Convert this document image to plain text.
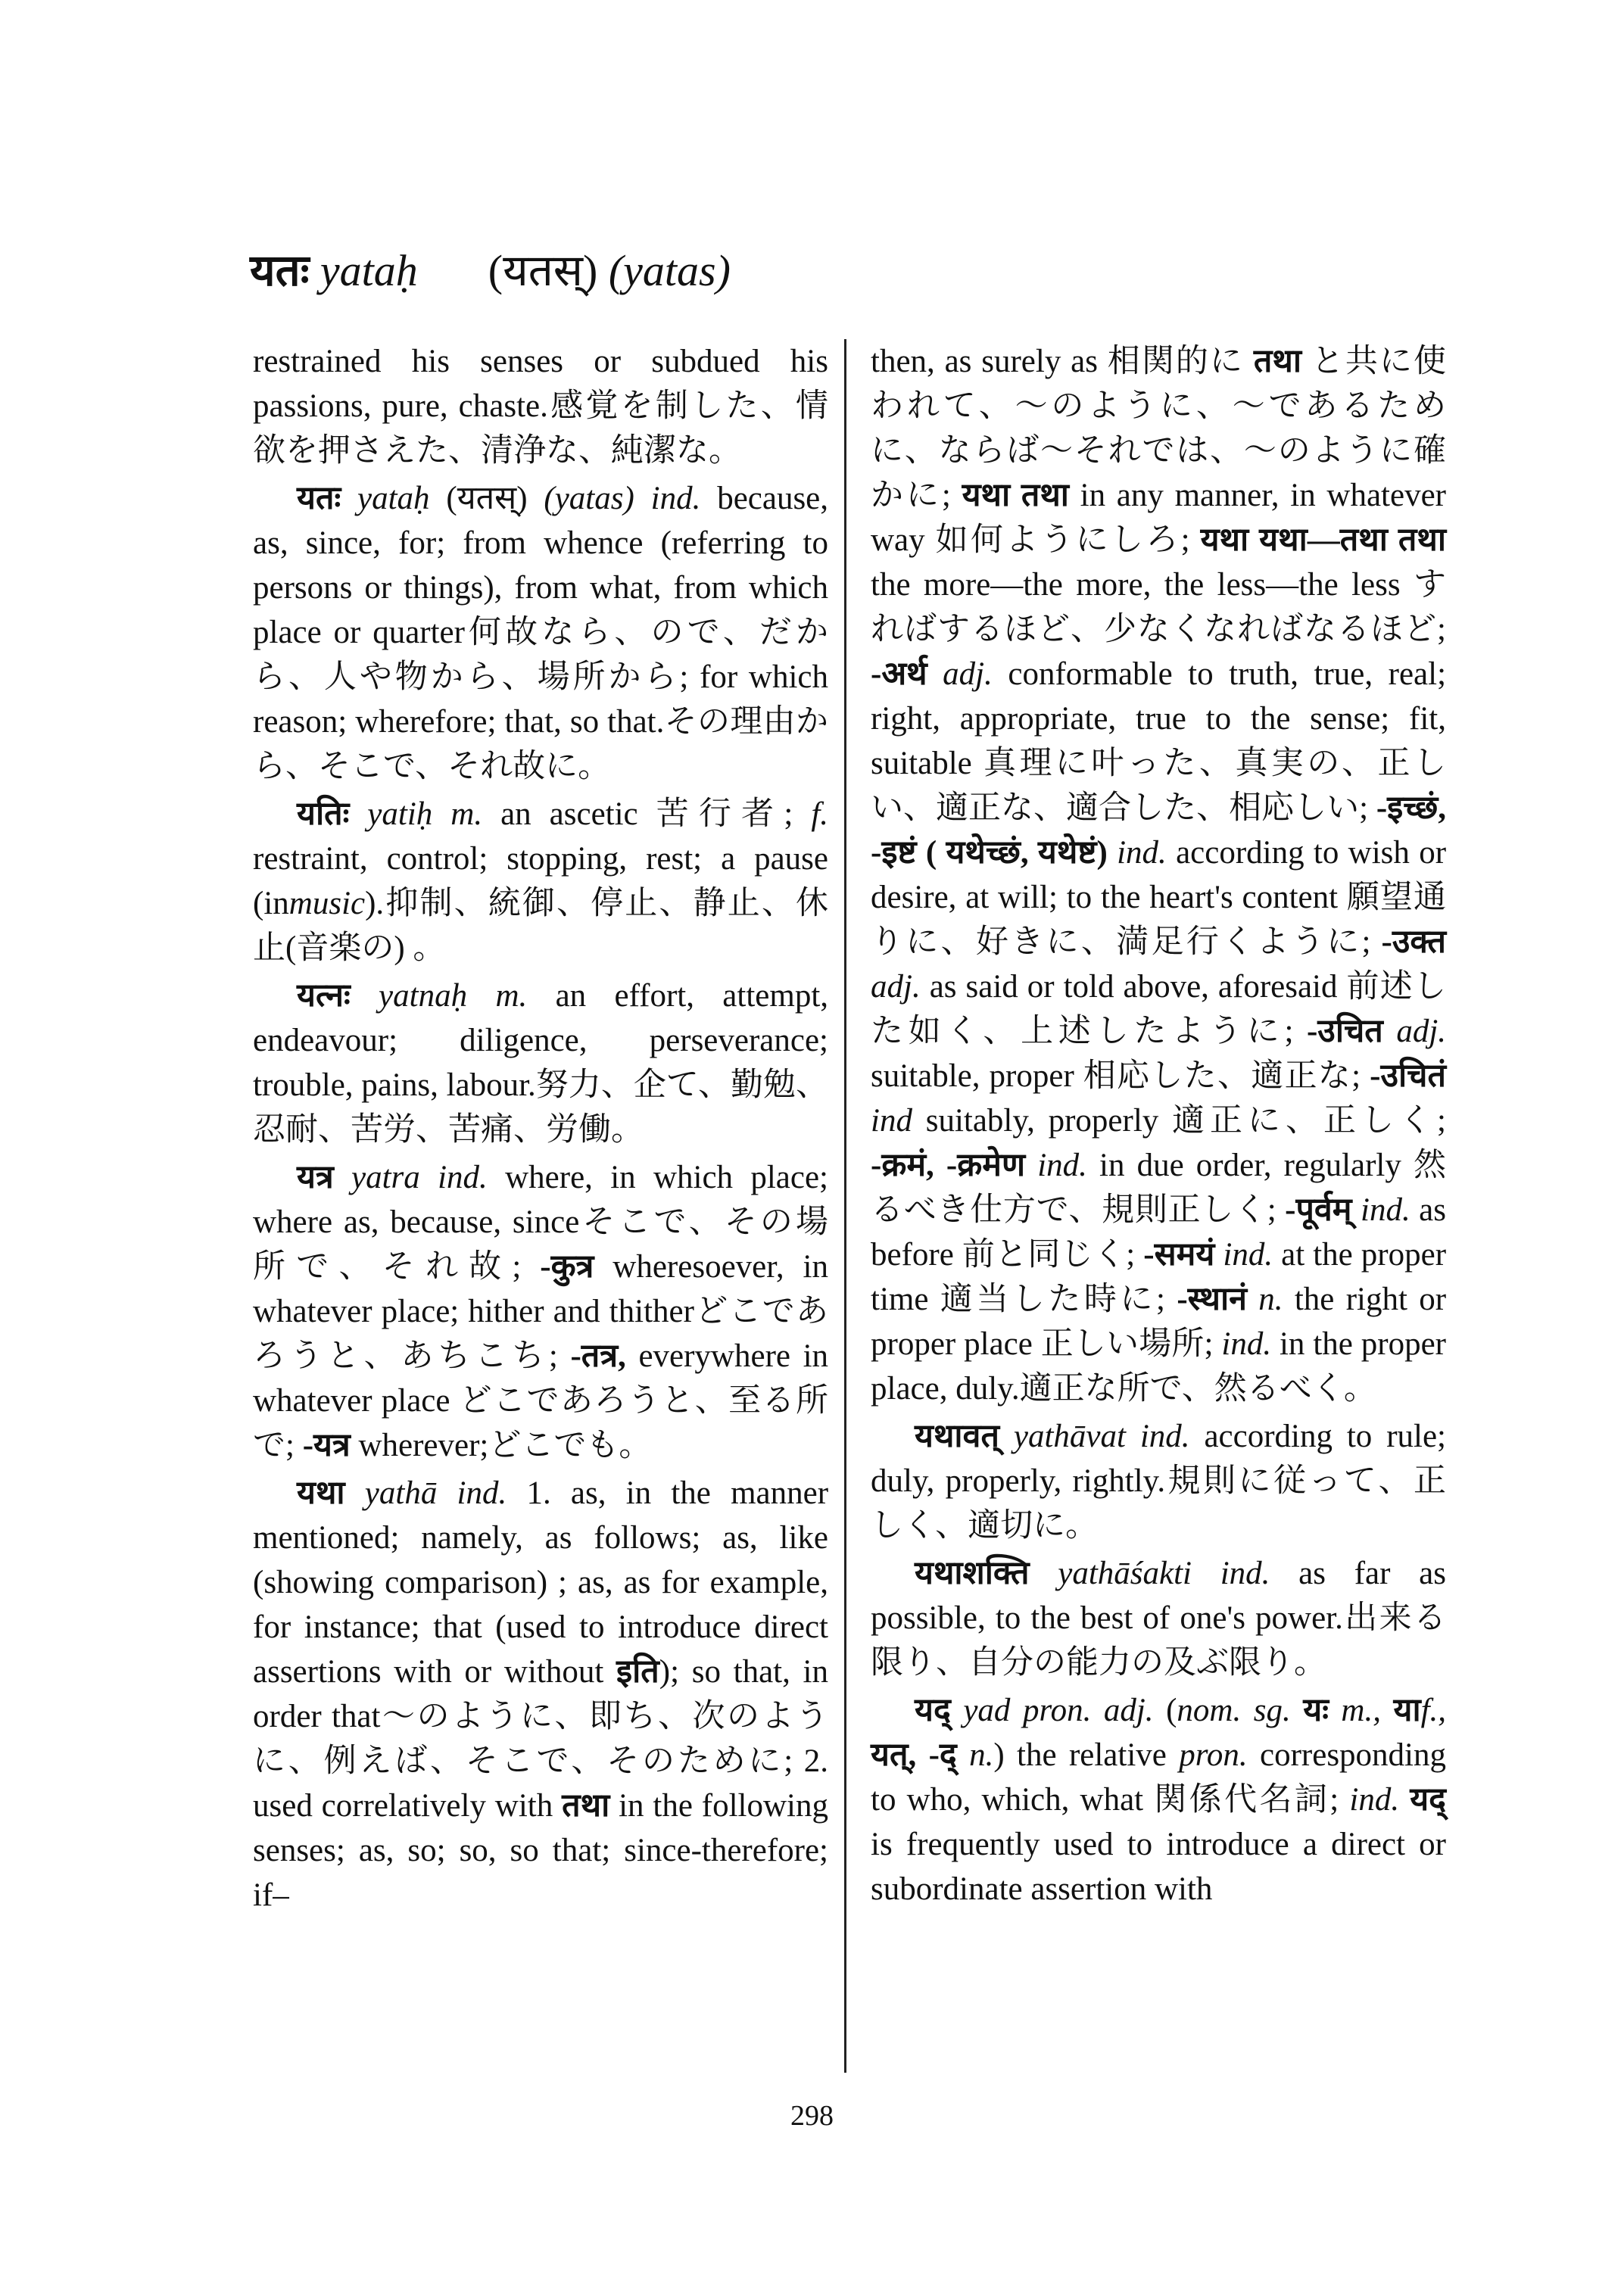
यतः yataḥ (यतस्) (yatas)

restrained his senses or subdued his passions, pure, chaste.感覚を制した、情欲を押さえた、清浄な、純潔な。

यतः yataḥ (यतस्) (yatas) ind. because, as, since, for; from whence (referring to persons or things), from what, from which place or quarter何故なら、ので、だから、人や物から、場所から; for which reason; wherefore; that, so that.その理由から、そこで、それ故に。

यतिः yatiḥ m. an ascetic 苦行者; f. restraint, control; stopping, rest; a pause (inmusic).抑制、統御、停止、静止、休止(音楽の) 。

यत्नः yatnaḥ m. an effort, attempt, endeavour; diligence, perseverance; trouble, pains, labour.努力、企て、勤勉、忍耐、苦労、苦痛、労働。

यत्र yatra ind. where, in which place; where as, because, sinceそこで、その場所で、それ故; -कुत्र wheresoever, in whatever place; hither and thitherどこであろうと、あちこち; -तत्र, everywhere in whatever place どこであろうと、至る所で; -यत्र wherever;どこでも。

यथा yathā ind. 1. as, in the manner mentioned; namely, as follows; as, like (showing comparison) ; as, as for example, for instance; that (used to introduce direct assertions with or without इति); so that, in order that〜のように、即ち、次のように、例えば、そこで、そのために; 2. used correlatively with तथा in the following senses; as, so; so, so that; since-therefore; if–

then, as surely as 相関的に तथा と共に使われて、〜のように、〜であるために、ならば〜それでは、〜のように確かに; यथा तथा in any manner, in whatever way 如何ようにしろ; यथा यथा—तथा तथा the more—the more, the less—the less すればするほど、少なくなればなるほど; -अर्थ adj. conformable to truth, true, real; right, appropriate, true to the sense; fit, suitable 真理に叶った、真実の、正しい、適正な、適合した、相応しい; -इच्छं, -इष्टं ( यथेच्छं, यथेष्टं) ind. according to wish or desire, at will; to the heart's content 願望通りに、好きに、満足行くように; -उक्त adj. as said or told above, aforesaid 前述した如く、上述したように; -उचित adj. suitable, proper 相応した、適正な; -उचितं ind suitably, properly 適正に、正しく; -क्रमं, -क्रमेण ind. in due order, regularly 然るべき仕方で、規則正しく; -पूर्वम् ind. as before 前と同じく; -समयं ind. at the proper time 適当した時に; -स्थानं n. the right or proper place 正しい場所; ind. in the proper place, duly.適正な所で、然るべく。

यथावत् yathāvat ind. according to rule; duly, properly, rightly.規則に従って、正しく、適切に。

यथाशक्ति yathāśakti ind. as far as possible, to the best of one's power.出来る限り、自分の能力の及ぶ限り。

यद् yad pron. adj. (nom. sg. यः m., याf., यत्, -द् n.) the relative pron. corresponding to who, which, what 関係代名詞; ind. यद् is frequently used to introduce a direct or subordinate assertion with

298
